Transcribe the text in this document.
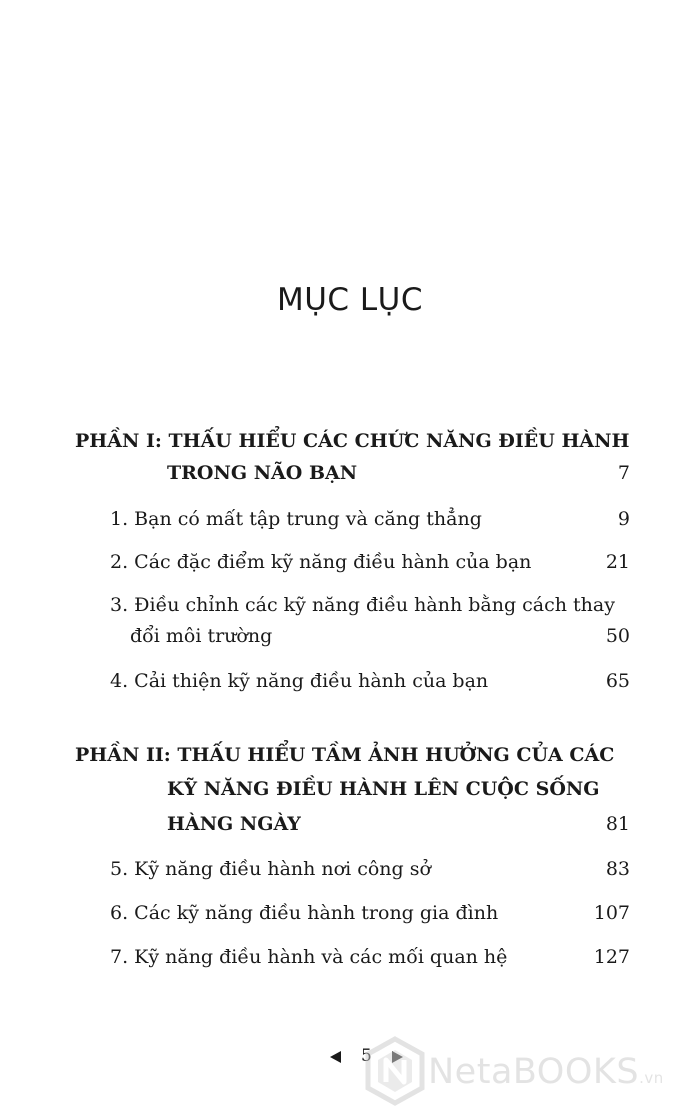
MỤC LỤC
PHẦN I: THẤU HIỂU CÁC CHỨC NĂNG ĐIỀU HÀNH
TRONG NÃO BẠN	7
1. Bạn có mất tập trung và căng thẳng	9
2. Các đặc điểm kỹ năng điều hành của bạn	21
3. Điều chỉnh các kỹ năng điều hành bằng cách thay
đổi môi trường	50
4. Cải thiện kỹ năng điều hành của bạn	65
PHẦN II: THẤU HIỂU TẦM ẢNH HƯỞNG CỦA CÁC
KỸ NĂNG ĐIỀU HÀNH LÊN CUỘC SỐNG
HÀNG NGÀY	81
5. Kỹ năng điều hành nơi công sở	83
6. Các kỹ năng điều hành trong gia đình	107
7. Kỹ năng điều hành và các mối quan hệ	127
5 NetaBOOKS.vn
